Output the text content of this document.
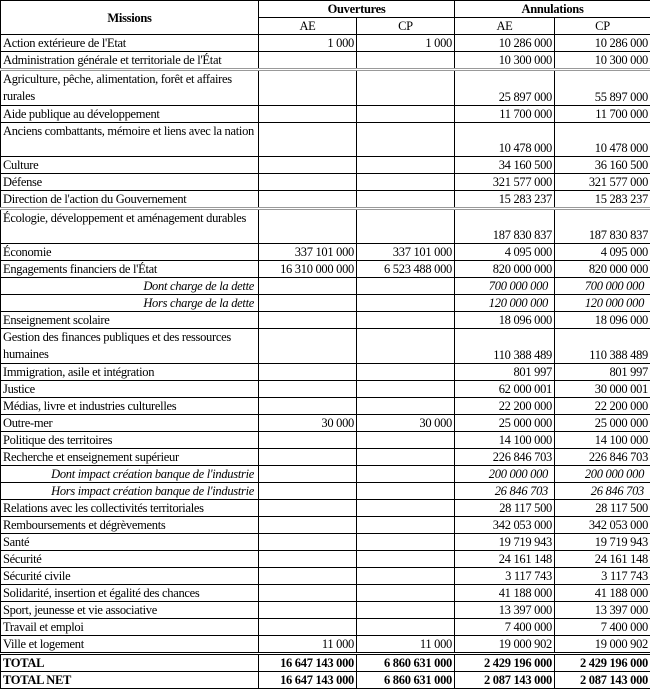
Missions	Ouvertures		Annulations	
	AE	CP	AE	CP
Action extérieure de l'Etat	1 000	1 000	10 286 000	10 286 000
Administration générale et territoriale de l'État			10 300 000	10 300 000
Agriculture, pêche, alimentation, forêt et affaires rurales			25 897 000	55 897 000
Aide publique au développement			11 700 000	11 700 000
Anciens combattants, mémoire et liens avec la nation			10 478 000	10 478 000
Culture			34 160 500	36 160 500
Défense			321 577 000	321 577 000
Direction de l'action du Gouvernement			15 283 237	15 283 237
Écologie, développement et aménagement durables			187 830 837	187 830 837
Économie	337 101 000	337 101 000	4 095 000	4 095 000
Engagements financiers de l'État	16 310 000 000	6 523 488 000	820 000 000	820 000 000
Dont charge de la dette			700 000 000	700 000 000
Hors charge de la dette			120 000 000	120 000 000
Enseignement scolaire			18 096 000	18 096 000
Gestion des finances publiques et des ressources humaines			110 388 489	110 388 489
Immigration, asile et intégration			801 997	801 997
Justice			62 000 001	30 000 001
Médias, livre et industries culturelles			22 200 000	22 200 000
Outre-mer	30 000	30 000	25 000 000	25 000 000
Politique des territoires			14 100 000	14 100 000
Recherche et enseignement supérieur			226 846 703	226 846 703
Dont impact création banque de l'industrie			200 000 000	200 000 000
Hors impact création banque de l'industrie			26 846 703	26 846 703
Relations avec les collectivités territoriales			28 117 500	28 117 500
Remboursements et dégrèvements			342 053 000	342 053 000
Santé			19 719 943	19 719 943
Sécurité			24 161 148	24 161 148
Sécurité civile			3 117 743	3 117 743
Solidarité, insertion et égalité des chances			41 188 000	41 188 000
Sport, jeunesse et vie associative			13 397 000	13 397 000
Travail et emploi			7 400 000	7 400 000
Ville et logement	11 000	11 000	19 000 902	19 000 902
TOTAL	16 647 143 000	6 860 631 000	2 429 196 000	2 429 196 000
TOTAL NET	16 647 143 000	6 860 631 000	2 087 143 000	2 087 143 000
